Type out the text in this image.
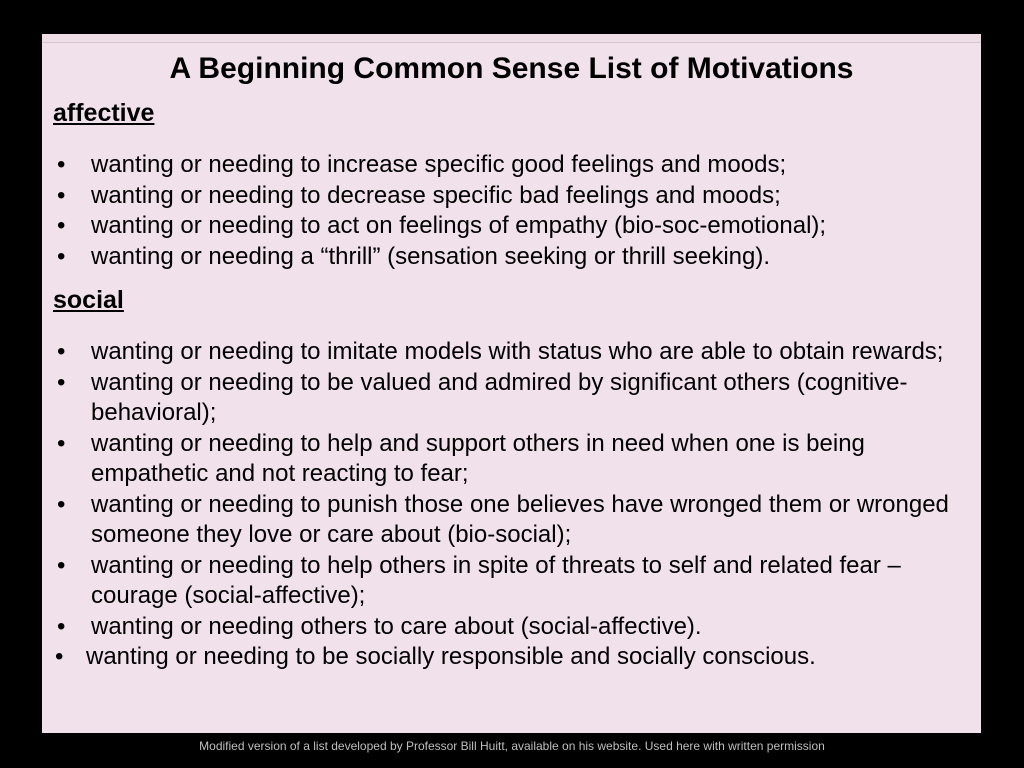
A Beginning Common Sense List of Motivations
affective
• wanting or needing to increase specific good feelings and moods;
• wanting or needing to decrease specific bad feelings and moods;
• wanting or needing to act on feelings of empathy (bio-soc-emotional);
• wanting or needing a “thrill” (sensation seeking or thrill seeking).
social
• wanting or needing to imitate models with status who are able to obtain rewards;
• wanting or needing to be valued and admired by significant others (cognitive-behavioral);
• wanting or needing to help and support others in need when one is being empathetic and not reacting to fear;
• wanting or needing to punish those one believes have wronged them or wronged someone they love or care about (bio-social);
• wanting or needing to help others in spite of threats to self and related fear – courage (social-affective);
• wanting or needing others to care about (social-affective).
• wanting or needing to be socially responsible and socially conscious.
Modified version of a list developed by Professor Bill Huitt, available on his website. Used here with written permission
